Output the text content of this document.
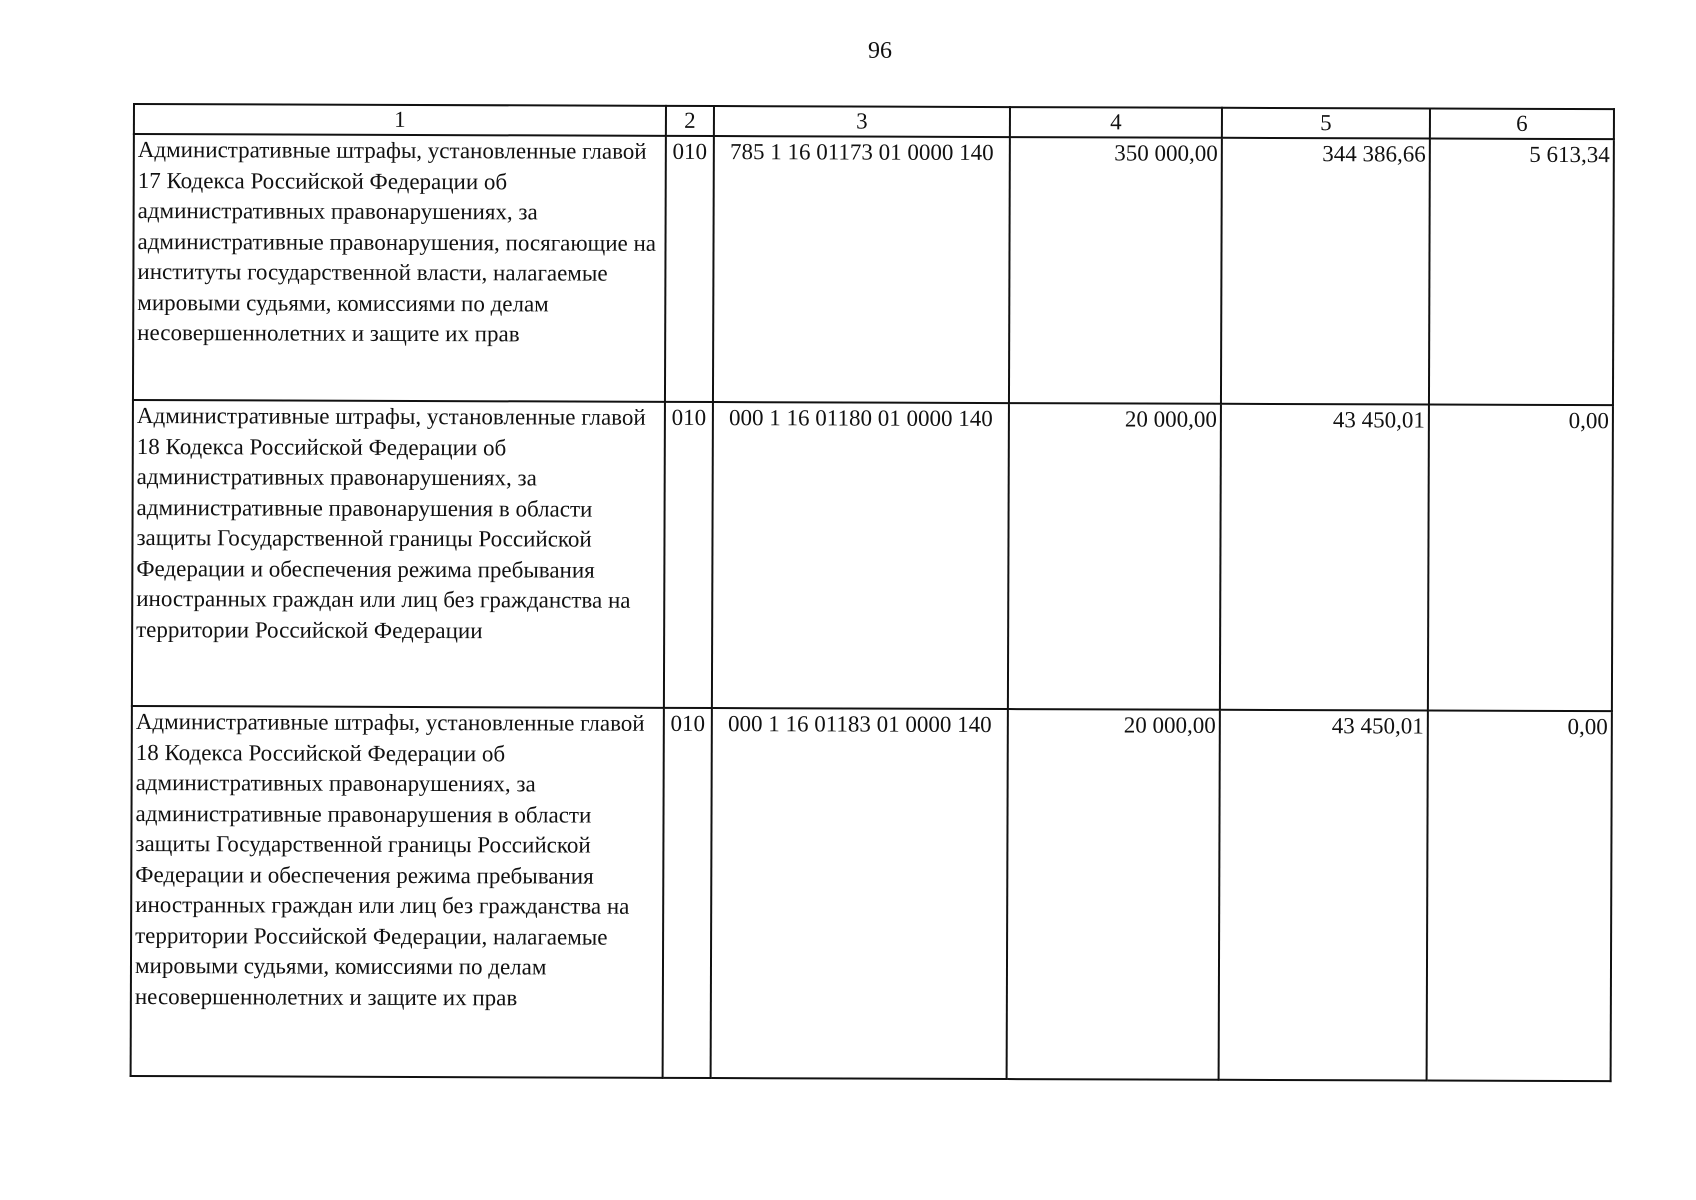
96
1	2	3	4	5	6
Административные штрафы, установленные главой 17 Кодекса Российской Федерации об административных правонарушениях, за административные правонарушения, посягающие на институты государственной власти, налагаемые мировыми судьями, комиссиями по делам несовершеннолетних и защите их прав	010	785 1 16 01173 01 0000 140	350 000,00	344 386,66	5 613,34
Административные штрафы, установленные главой 18 Кодекса Российской Федерации об административных правонарушениях, за административные правонарушения в области защиты Государственной границы Российской Федерации и обеспечения режима пребывания иностранных граждан или лиц без гражданства на территории Российской Федерации	010	000 1 16 01180 01 0000 140	20 000,00	43 450,01	0,00
Административные штрафы, установленные главой 18 Кодекса Российской Федерации об административных правонарушениях, за административные правонарушения в области защиты Государственной границы Российской Федерации и обеспечения режима пребывания иностранных граждан или лиц без гражданства на территории Российской Федерации, налагаемые мировыми судьями, комиссиями по делам несовершеннолетних и защите их прав	010	000 1 16 01183 01 0000 140	20 000,00	43 450,01	0,00
